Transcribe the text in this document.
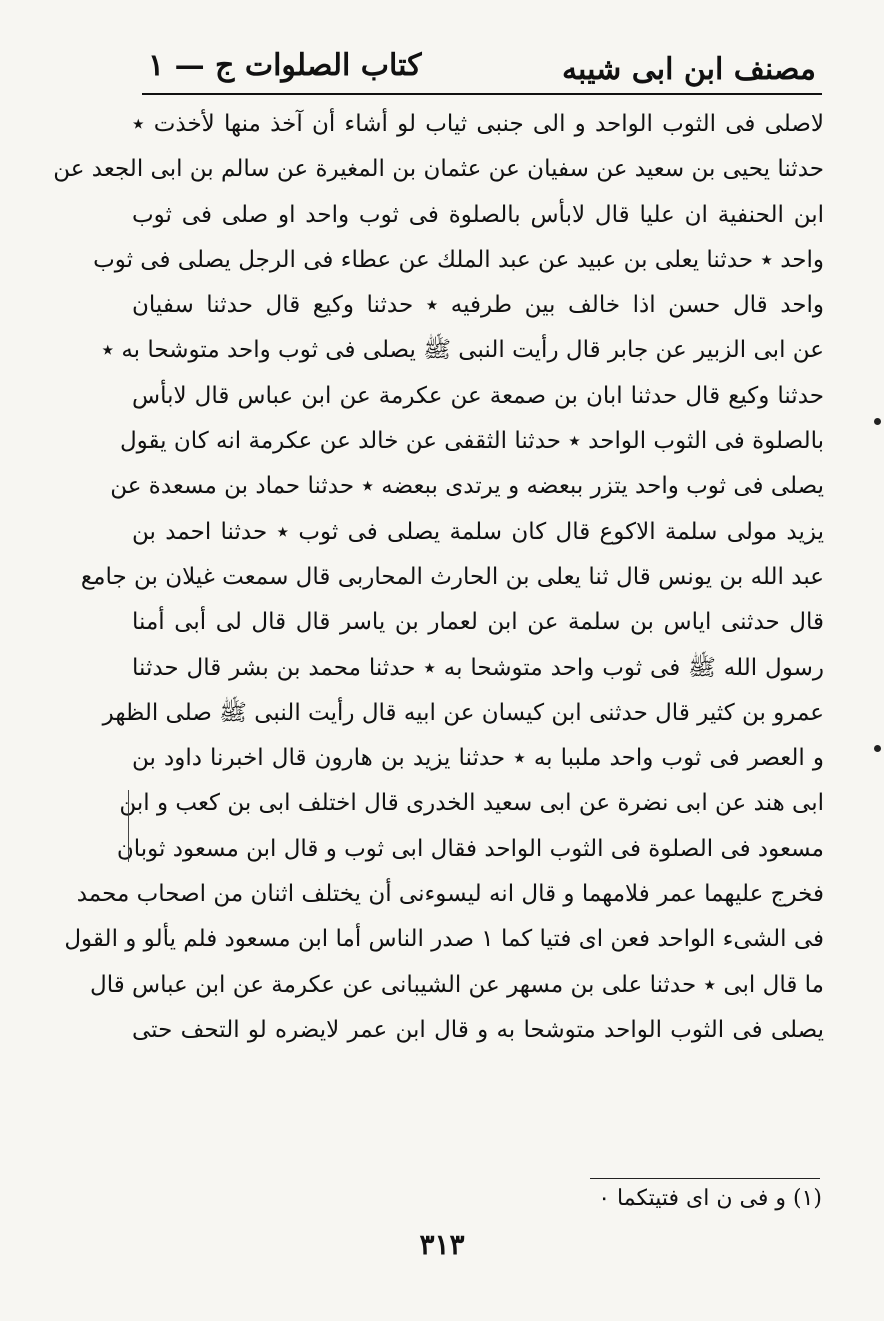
مصنف ابن ابى شيبه
كتاب الصلوات ج — ١
لاصلى فى الثوب الواحد و الى جنبى ثياب لو أشاء أن آخذ منها لأخذت ٭
حدثنا يحيى بن سعيد عن سفيان عن عثمان بن المغيرة عن سالم بن ابى الجعد عن
ابن الحنفية ان عليا قال لابأس بالصلوة فى ثوب واحد او صلى فى ثوب
واحد ٭ حدثنا يعلى بن عبيد عن عبد الملك عن عطاء فى الرجل يصلى فى ثوب
واحد قال حسن اذا خالف بين طرفيه ٭ حدثنا وكيع قال حدثنا سفيان
عن ابى الزبير عن جابر قال رأيت النبى ﷺ يصلى فى ثوب واحد متوشحا به ٭
حدثنا وكيع قال حدثنا ابان بن صمعة عن عكرمة عن ابن عباس قال لابأس
بالصلوة فى الثوب الواحد ٭ حدثنا الثقفى عن خالد عن عكرمة انه كان يقول
يصلى فى ثوب واحد يتزر ببعضه و يرتدى ببعضه ٭ حدثنا حماد بن مسعدة عن
يزيد مولى سلمة الاكوع قال كان سلمة يصلى فى ثوب ٭ حدثنا احمد بن
عبد الله بن يونس قال ثنا يعلى بن الحارث المحاربى قال سمعت غيلان بن جامع
قال حدثنى اياس بن سلمة عن ابن لعمار بن ياسر قال قال لى أبى أمنا
رسول الله ﷺ فى ثوب واحد متوشحا به ٭ حدثنا محمد بن بشر قال حدثنا
عمرو بن كثير قال حدثنى ابن كيسان عن ابيه قال رأيت النبى ﷺ صلى الظهر
و العصر فى ثوب واحد ملببا به ٭ حدثنا يزيد بن هارون قال اخبرنا داود بن
ابى هند عن ابى نضرة عن ابى سعيد الخدرى قال اختلف ابى بن كعب و ابن
مسعود فى الصلوة فى الثوب الواحد فقال ابى ثوب و قال ابن مسعود ثوبان
فخرج عليهما عمر فلامهما و قال انه ليسوءنى أن يختلف اثنان من اصحاب محمد
فى الشىء الواحد فعن اى فتيا كما ١ صدر الناس أما ابن مسعود فلم يألو و القول
ما قال ابى ٭ حدثنا على بن مسهر عن الشيبانى عن عكرمة عن ابن عباس قال
يصلى فى الثوب الواحد متوشحا به و قال ابن عمر لايضره لو التحف حتى
(١) و فى ن اى فتيتكما ٠
٣١٣
